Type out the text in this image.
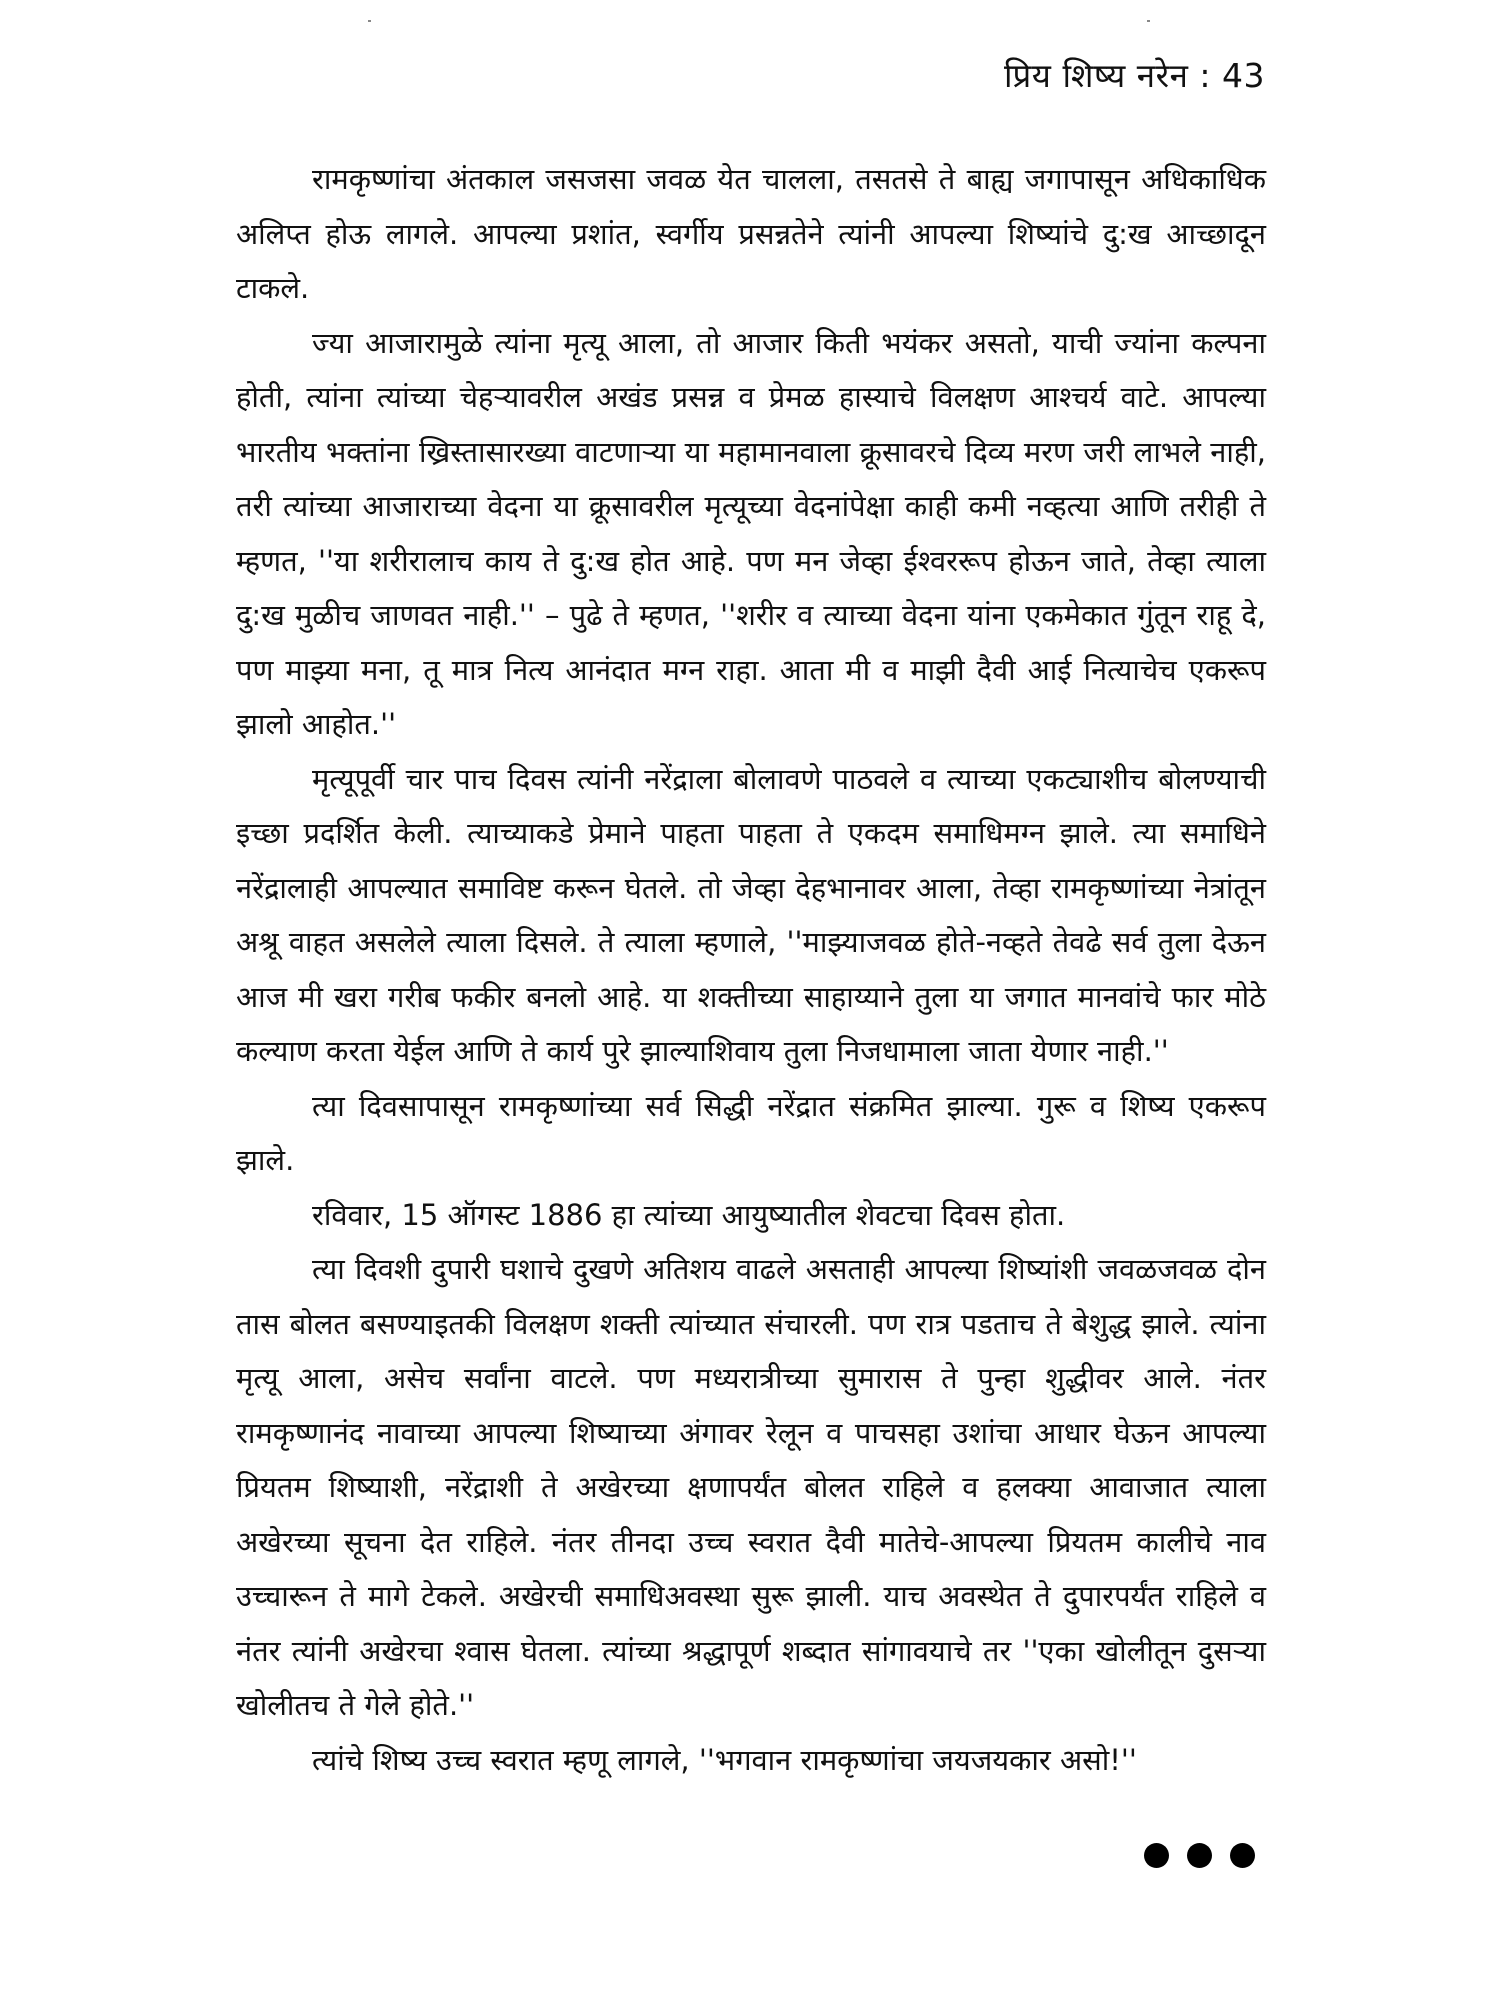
प्रिय शिष्य नरेन : 43

रामकृष्णांचा अंतकाल जसजसा जवळ येत चालला, तसतसे ते बाह्य जगापासून अधिकाधिक अलिप्त होऊ लागले. आपल्या प्रशांत, स्वर्गीय प्रसन्नतेने त्यांनी आपल्या शिष्यांचे दु:ख आच्छादून टाकले.

ज्या आजारामुळे त्यांना मृत्यू आला, तो आजार किती भयंकर असतो, याची ज्यांना कल्पना होती, त्यांना त्यांच्या चेहऱ्यावरील अखंड प्रसन्न व प्रेमळ हास्याचे विलक्षण आश्चर्य वाटे. आपल्या भारतीय भक्तांना ख्रिस्तासारख्या वाटणाऱ्या या महामानवाला क्रूसावरचे दिव्य मरण जरी लाभले नाही, तरी त्यांच्या आजाराच्या वेदना या क्रूसावरील मृत्यूच्या वेदनांपेक्षा काही कमी नव्हत्या आणि तरीही ते म्हणत, ''या शरीरालाच काय ते दु:ख होत आहे. पण मन जेव्हा ईश्वररूप होऊन जाते, तेव्हा त्याला दु:ख मुळीच जाणवत नाही.'' – पुढे ते म्हणत, ''शरीर व त्याच्या वेदना यांना एकमेकात गुंतून राहू दे, पण माझ्या मना, तू मात्र नित्य आनंदात मग्न राहा. आता मी व माझी दैवी आई नित्याचेच एकरूप झालो आहोत.''

मृत्यूपूर्वी चार पाच दिवस त्यांनी नरेंद्राला बोलावणे पाठवले व त्याच्या एकट्याशीच बोलण्याची इच्छा प्रदर्शित केली. त्याच्याकडे प्रेमाने पाहता पाहता ते एकदम समाधिमग्न झाले. त्या समाधिने नरेंद्रालाही आपल्यात समाविष्ट करून घेतले. तो जेव्हा देहभानावर आला, तेव्हा रामकृष्णांच्या नेत्रांतून अश्रू वाहत असलेले त्याला दिसले. ते त्याला म्हणाले, ''माझ्याजवळ होते-नव्हते तेवढे सर्व तुला देऊन आज मी खरा गरीब फकीर बनलो आहे. या शक्तीच्या साहाय्याने तुला या जगात मानवांचे फार मोठे कल्याण करता येईल आणि ते कार्य पुरे झाल्याशिवाय तुला निजधामाला जाता येणार नाही.''

त्या दिवसापासून रामकृष्णांच्या सर्व सिद्धी नरेंद्रात संक्रमित झाल्या. गुरू व शिष्य एकरूप झाले.

रविवार, 15 ऑगस्ट 1886 हा त्यांच्या आयुष्यातील शेवटचा दिवस होता.

त्या दिवशी दुपारी घशाचे दुखणे अतिशय वाढले असताही आपल्या शिष्यांशी जवळजवळ दोन तास बोलत बसण्याइतकी विलक्षण शक्ती त्यांच्यात संचारली. पण रात्र पडताच ते बेशुद्ध झाले. त्यांना मृत्यू आला, असेच सर्वांना वाटले. पण मध्यरात्रीच्या सुमारास ते पुन्हा शुद्धीवर आले. नंतर रामकृष्णानंद नावाच्या आपल्या शिष्याच्या अंगावर रेलून व पाचसहा उशांचा आधार घेऊन आपल्या प्रियतम शिष्याशी, नरेंद्राशी ते अखेरच्या क्षणापर्यंत बोलत राहिले व हलक्या आवाजात त्याला अखेरच्या सूचना देत राहिले. नंतर तीनदा उच्च स्वरात दैवी मातेचे-आपल्या प्रियतम कालीचे नाव उच्चारून ते मागे टेकले. अखेरची समाधिअवस्था सुरू झाली. याच अवस्थेत ते दुपारपर्यंत राहिले व नंतर त्यांनी अखेरचा श्वास घेतला. त्यांच्या श्रद्धापूर्ण शब्दात सांगावयाचे तर ''एका खोलीतून दुसऱ्या खोलीतच ते गेले होते.''

त्यांचे शिष्य उच्च स्वरात म्हणू लागले, ''भगवान रामकृष्णांचा जयजयकार असो!''
